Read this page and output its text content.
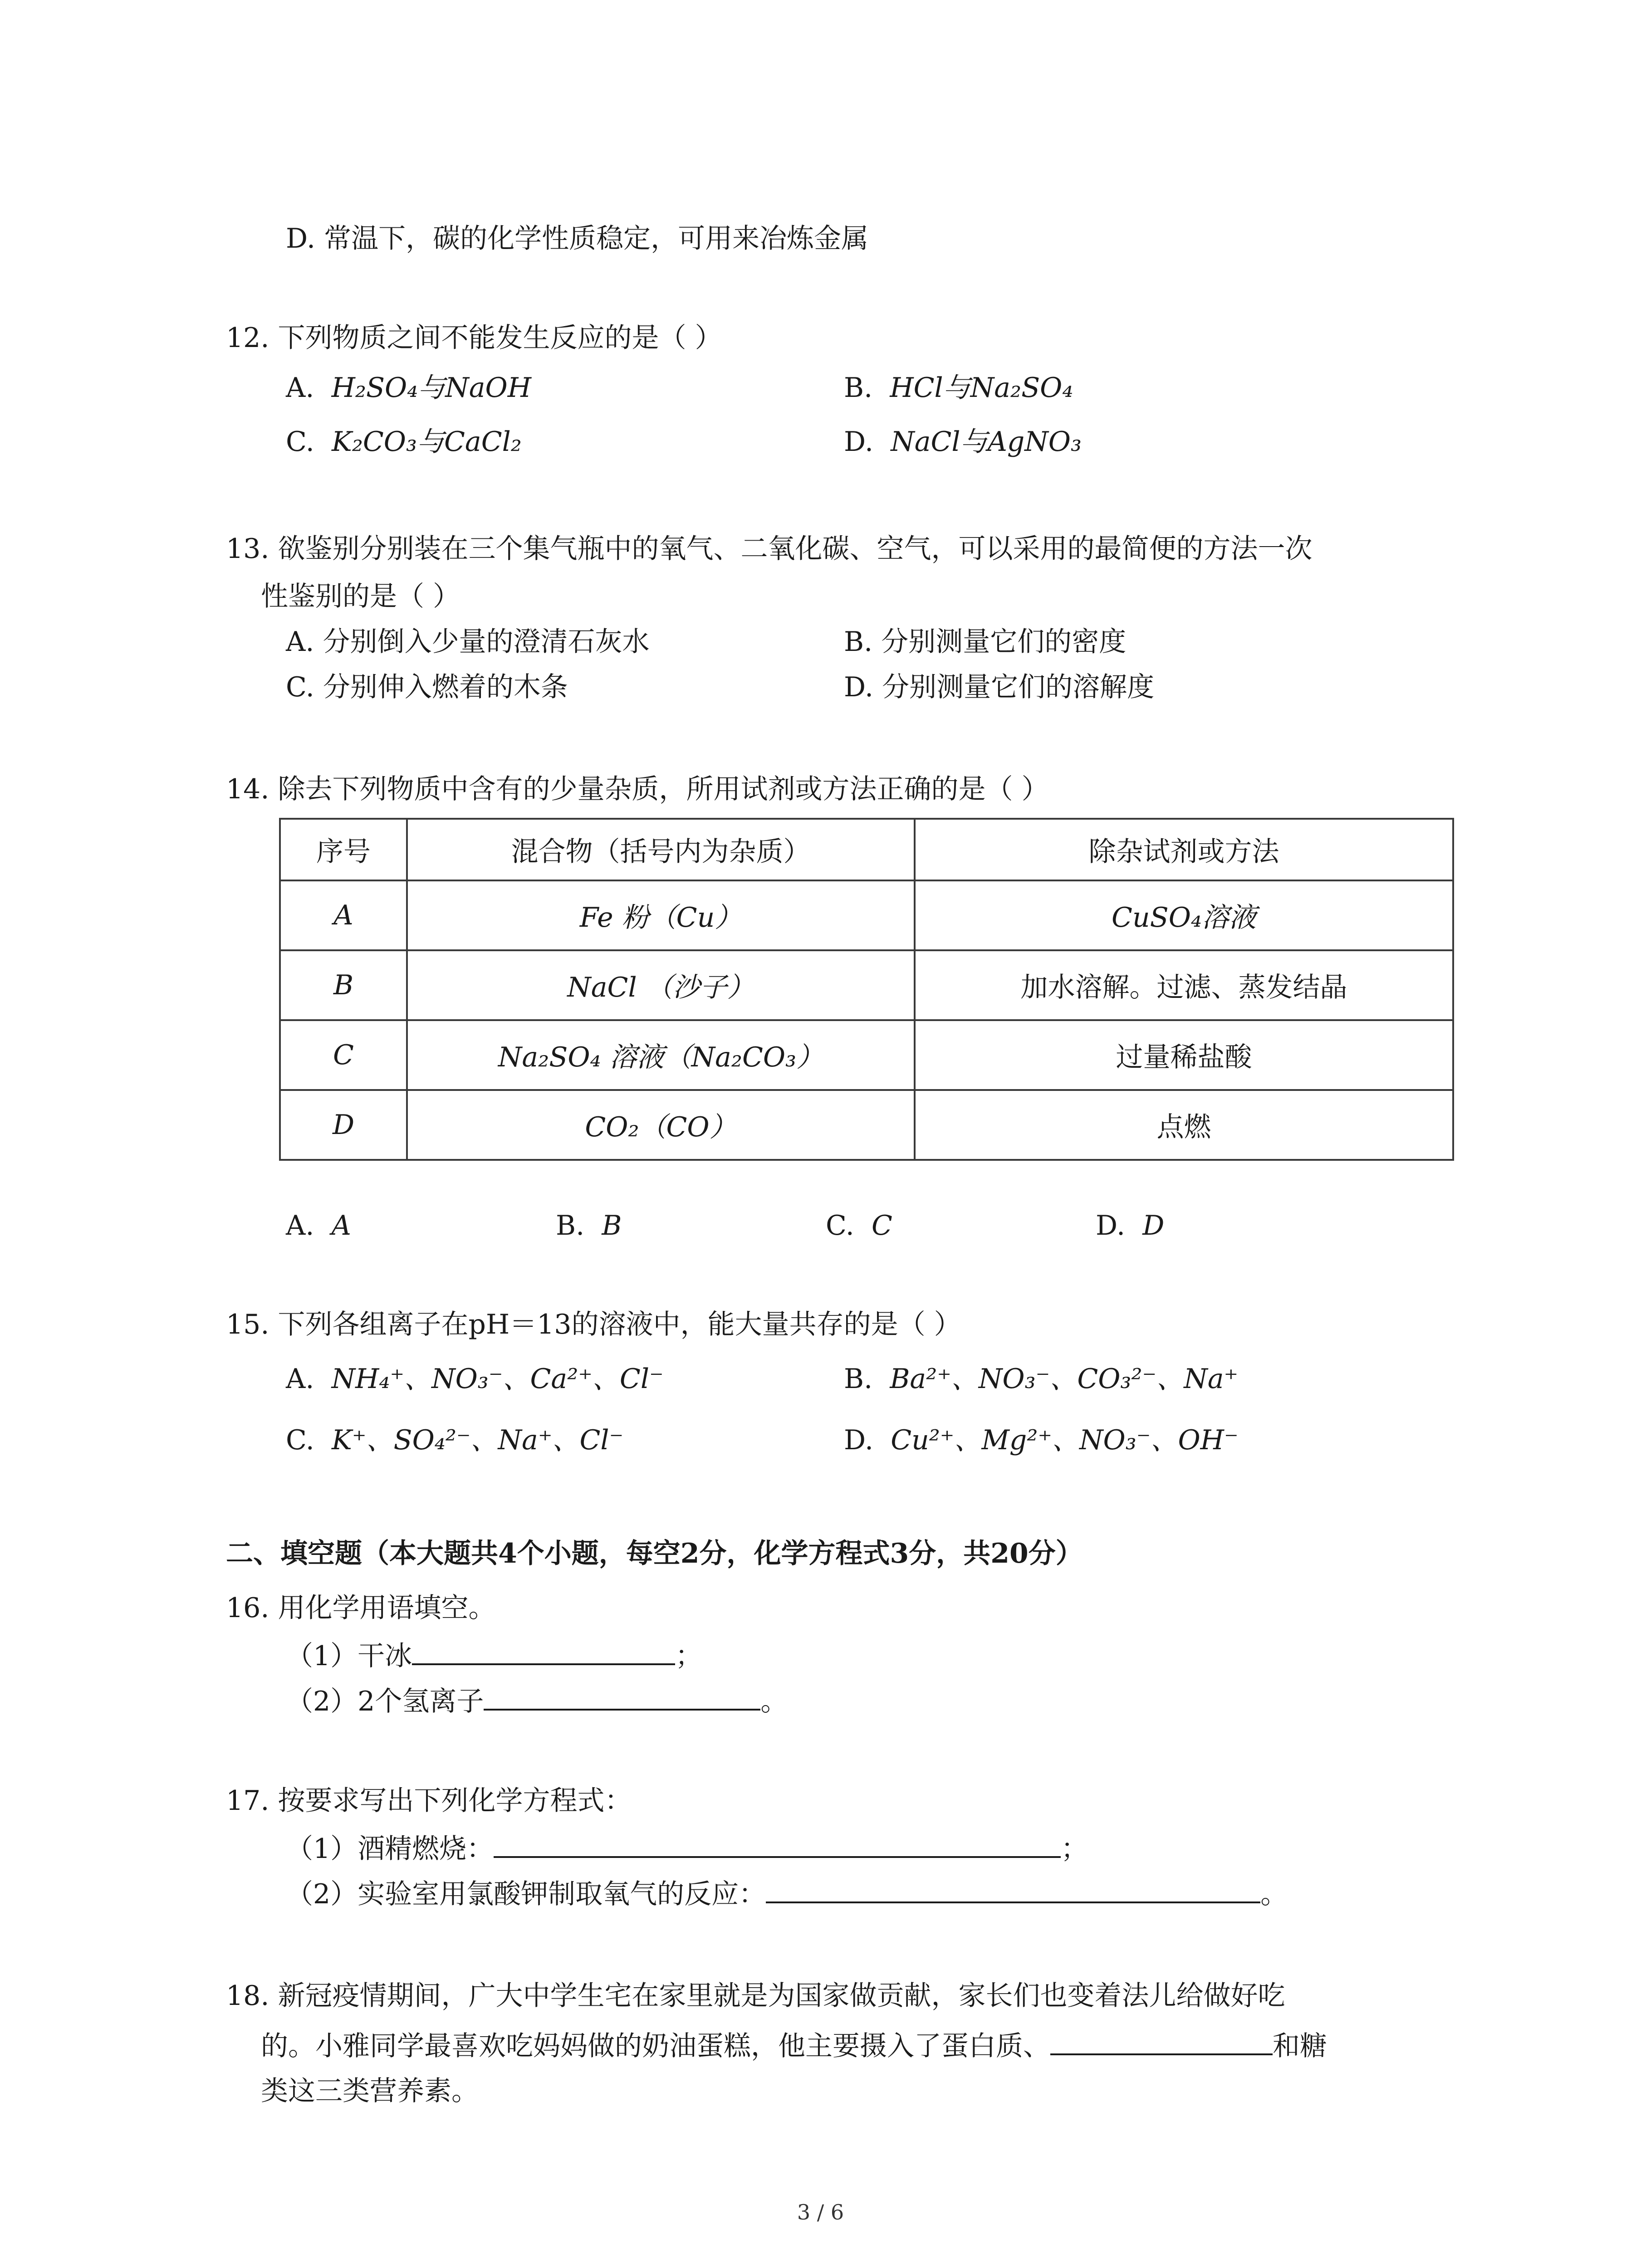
D. 常温下，碳的化学性质稳定，可用来冶炼金属
12. 下列物质之间不能发生反应的是（ ）
A. H₂SO₄与NaOH	B. HCl与Na₂SO₄
C. K₂CO₃与CaCl₂	D. NaCl与AgNO₃
13. 欲鉴别分别装在三个集气瓶中的氧气、二氧化碳、空气，可以采用的最简便的方法一次
性鉴别的是（ ）
A. 分别倒入少量的澄清石灰水	B. 分别测量它们的密度
C. 分别伸入燃着的木条	D. 分别测量它们的溶解度
14. 除去下列物质中含有的少量杂质，所用试剂或方法正确的是（ ）
序号	混合物（括号内为杂质）	除杂试剂或方法
A	Fe 粉（Cu）	CuSO₄溶液
B	NaCl （沙子）	加水溶解。过滤、蒸发结晶
C	Na₂SO₄ 溶液（Na₂CO₃）	过量稀盐酸
D	CO₂（CO）	点燃
A. A	B. B	C. C	D. D
15. 下列各组离子在pH＝13的溶液中，能大量共存的是（ ）
A. NH₄⁺、NO₃⁻、Ca²⁺、Cl⁻	B. Ba²⁺、NO₃⁻、CO₃²⁻、Na⁺
C. K⁺、SO₄²⁻、Na⁺、Cl⁻	D. Cu²⁺、Mg²⁺、NO₃⁻、OH⁻
二、填空题（本大题共4个小题，每空2分，化学方程式3分，共20分）
16. 用化学用语填空。
（1）干冰	；
（2）2个氢离子	。
17. 按要求写出下列化学方程式：
（1）酒精燃烧：	；
（2）实验室用氯酸钾制取氧气的反应：	。
18. 新冠疫情期间，广大中学生宅在家里就是为国家做贡献，家长们也变着法儿给做好吃
的。小雅同学最喜欢吃妈妈做的奶油蛋糕，他主要摄入了蛋白质、	和糖
类这三类营养素。
3 / 6
